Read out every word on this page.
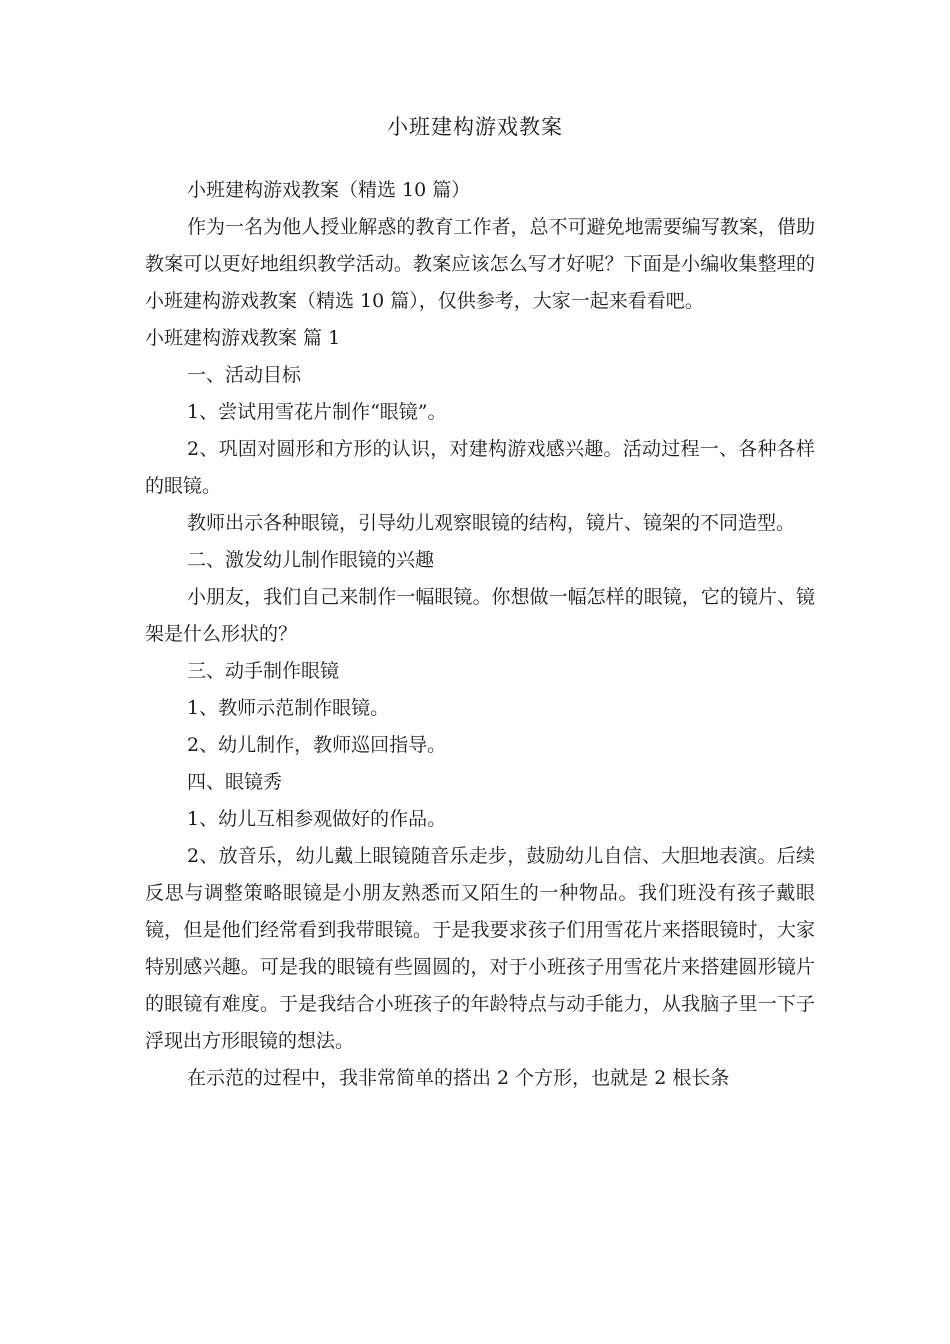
小班建构游戏教案

小班建构游戏教案（精选 10 篇）

作为一名为他人授业解惑的教育工作者，总不可避免地需要编写教案，借助教案可以更好地组织教学活动。教案应该怎么写才好呢？下面是小编收集整理的小班建构游戏教案（精选 10 篇），仅供参考，大家一起来看看吧。

小班建构游戏教案 篇 1

一、活动目标

1、尝试用雪花片制作“眼镜”。

2、巩固对圆形和方形的认识，对建构游戏感兴趣。活动过程一、各种各样的眼镜。

教师出示各种眼镜，引导幼儿观察眼镜的结构，镜片、镜架的不同造型。

二、激发幼儿制作眼镜的兴趣

小朋友，我们自己来制作一幅眼镜。你想做一幅怎样的眼镜，它的镜片、镜架是什么形状的？

三、动手制作眼镜

1、教师示范制作眼镜。

2、幼儿制作，教师巡回指导。

四、眼镜秀

1、幼儿互相参观做好的作品。

2、放音乐，幼儿戴上眼镜随音乐走步，鼓励幼儿自信、大胆地表演。后续反思与调整策略眼镜是小朋友熟悉而又陌生的一种物品。我们班没有孩子戴眼镜，但是他们经常看到我带眼镜。于是我要求孩子们用雪花片来搭眼镜时，大家特别感兴趣。可是我的眼镜有些圆圆的，对于小班孩子用雪花片来搭建圆形镜片的眼镜有难度。于是我结合小班孩子的年龄特点与动手能力，从我脑子里一下子浮现出方形眼镜的想法。

在示范的过程中，我非常简单的搭出 2 个方形，也就是 2 根长条
